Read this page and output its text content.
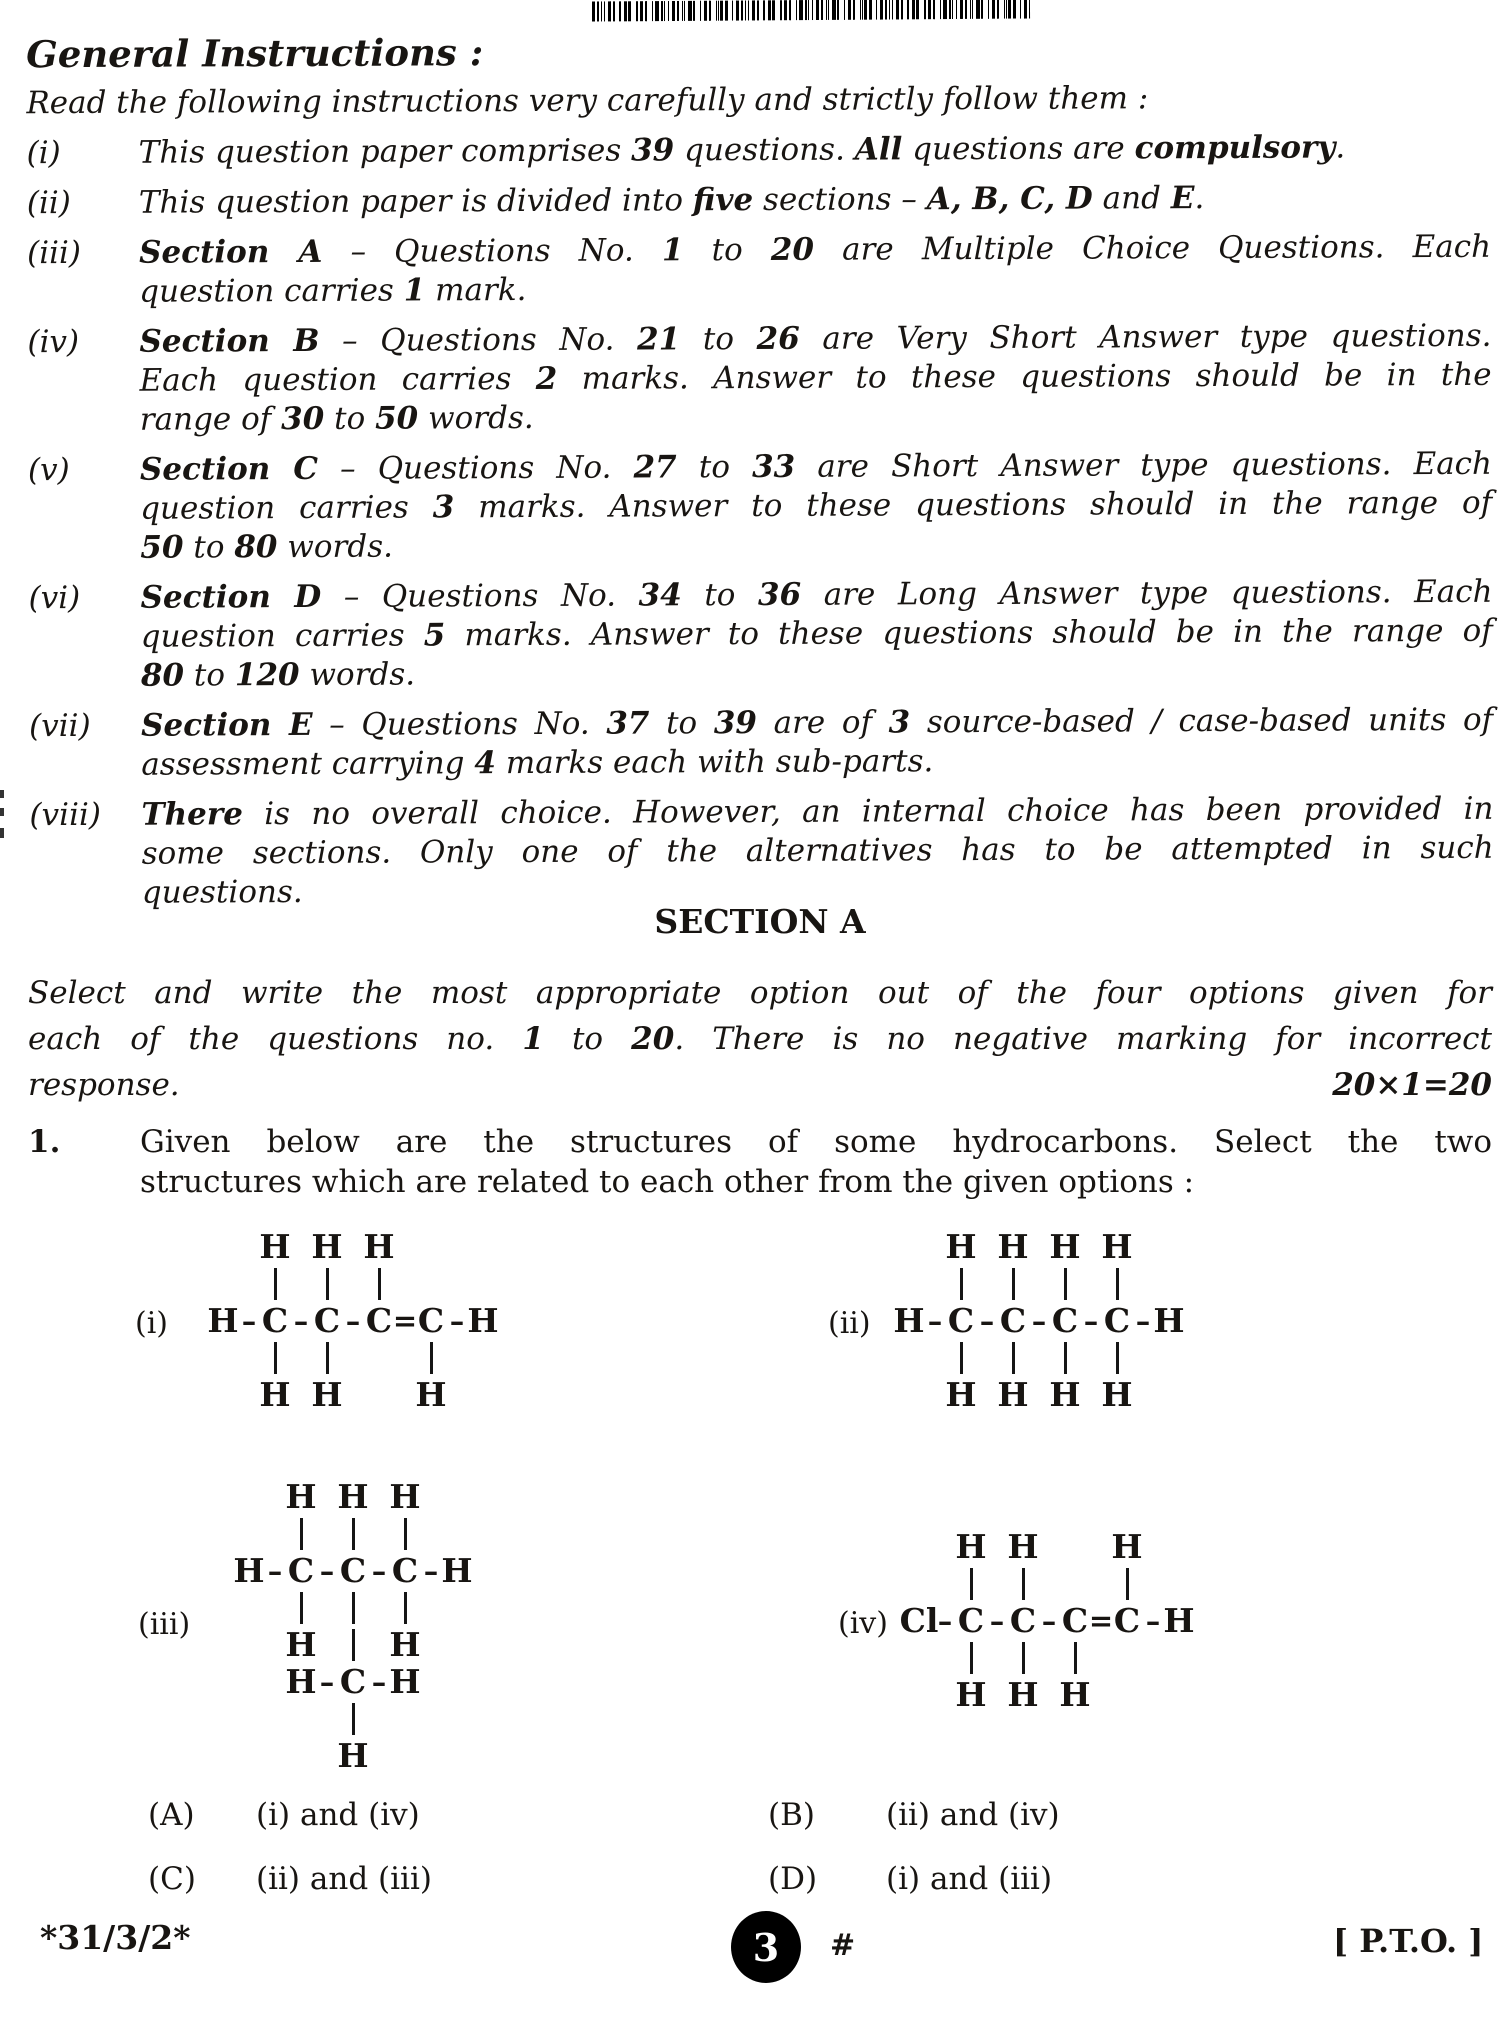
General Instructions :
Read the following instructions very carefully and strictly follow them :
(i)	This question paper comprises 39 questions. All questions are compulsory.
(ii)	This question paper is divided into five sections – A, B, C, D and E.
(iii)	Section A – Questions No. 1 to 20 are Multiple Choice Questions. Each
question carries 1 mark.
(iv)	Section B – Questions No. 21 to 26 are Very Short Answer type questions.
Each question carries 2 marks. Answer to these questions should be in the
range of 30 to 50 words.
(v)	Section C – Questions No. 27 to 33 are Short Answer type questions. Each
question carries 3 marks. Answer to these questions should in the range of
50 to 80 words.
(vi)	Section D – Questions No. 34 to 36 are Long Answer type questions. Each
question carries 5 marks. Answer to these questions should be in the range of
80 to 120 words.
(vii)	Section E – Questions No. 37 to 39 are of 3 source-based / case-based units of
assessment carrying 4 marks each with sub-parts.
(viii)	There is no overall choice. However, an internal choice has been provided in
some sections. Only one of the alternatives has to be attempted in such
questions.
SECTION A
Select and write the most appropriate option out of the four options given for
each of the questions no. 1 to 20. There is no negative marking for incorrect
response.	20×1=20
1.	Given below are the structures of some hydrocarbons. Select the two
structures which are related to each other from the given options :
(i)
H H H
H – C – C – C = C – H
H H H
(ii)
H H H H
H – C – C – C – C – H
H H H H
(iii)
H H H
H – C – C – C – H
H H
H – C – H
H
(iv)
H H H
Cl – C – C – C = C – H
H H H
(A)	(i) and (iv)	(B)	(ii) and (iv)
(C)	(ii) and (iii)	(D)	(i) and (iii)
*31/3/2*	3 #	[ P.T.O. ]
